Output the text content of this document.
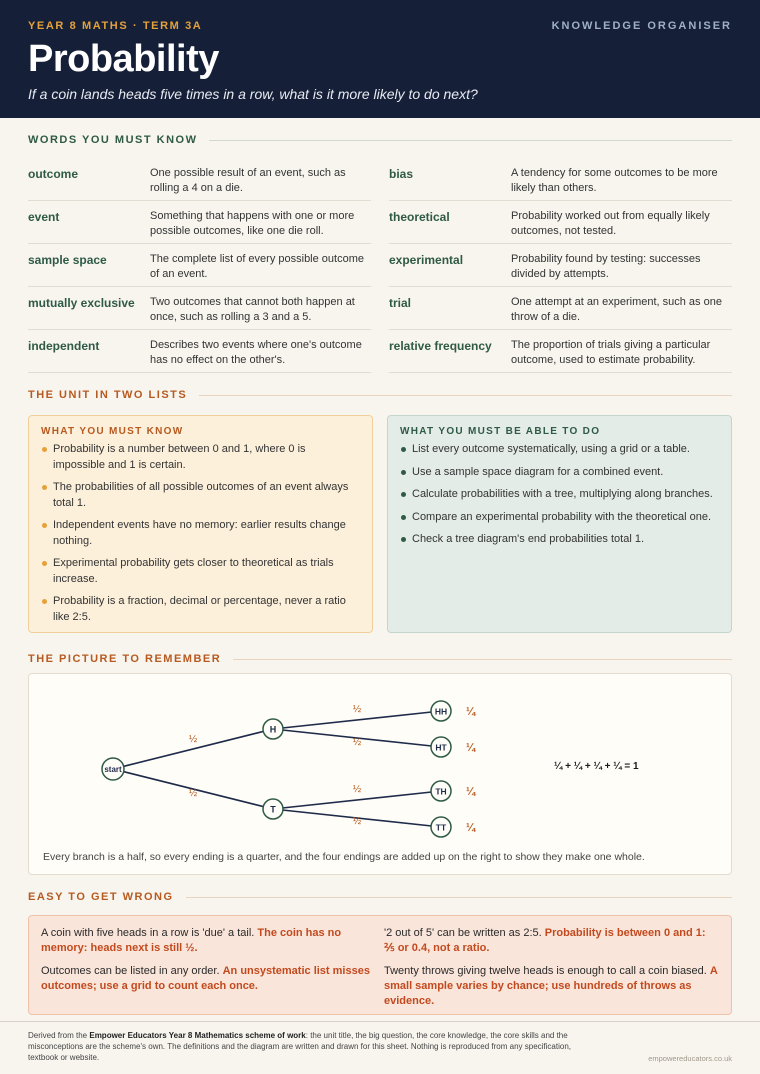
YEAR 8 MATHS · TERM 3A	KNOWLEDGE ORGANISER
Probability
If a coin lands heads five times in a row, what is it more likely to do next?
WORDS YOU MUST KNOW
outcome	One possible result of an event, such as rolling a 4 on a die.
event	Something that happens with one or more possible outcomes, like one die roll.
sample space	The complete list of every possible outcome of an event.
mutually exclusive	Two outcomes that cannot both happen at once, such as rolling a 3 and a 5.
independent	Describes two events where one's outcome has no effect on the other's.
bias	A tendency for some outcomes to be more likely than others.
theoretical	Probability worked out from equally likely outcomes, not tested.
experimental	Probability found by testing: successes divided by attempts.
trial	One attempt at an experiment, such as one throw of a die.
relative frequency	The proportion of trials giving a particular outcome, used to estimate probability.
THE UNIT IN TWO LISTS
WHAT YOU MUST KNOW
Probability is a number between 0 and 1, where 0 is impossible and 1 is certain.
The probabilities of all possible outcomes of an event always total 1.
Independent events have no memory: earlier results change nothing.
Experimental probability gets closer to theoretical as trials increase.
Probability is a fraction, decimal or percentage, never a ratio like 2:5.
WHAT YOU MUST BE ABLE TO DO
List every outcome systematically, using a grid or a table.
Use a sample space diagram for a combined event.
Calculate probabilities with a tree, multiplying along branches.
Compare an experimental probability with the theoretical one.
Check a tree diagram's end probabilities total 1.
THE PICTURE TO REMEMBER
start
H
T
HH
HT
TH
TT
½
½
½
½
½
½
¼
¼
¼
¼
¼ + ¼ + ¼ + ¼ = 1
Every branch is a half, so every ending is a quarter, and the four endings are added up on the right to show they make one whole.
EASY TO GET WRONG
A coin with five heads in a row is 'due' a tail. The coin has no memory: heads next is still ½.
Outcomes can be listed in any order. An unsystematic list misses outcomes; use a grid to count each once.
'2 out of 5' can be written as 2:5. Probability is between 0 and 1: ⅖ or 0.4, not a ratio.
Twenty throws giving twelve heads is enough to call a coin biased. A small sample varies by chance; use hundreds of throws as evidence.
Derived from the Empower Educators Year 8 Mathematics scheme of work: the unit title, the big question, the core knowledge, the core skills and the misconceptions are the scheme's own. The definitions and the diagram are written and drawn for this sheet. Nothing is reproduced from any specification, textbook or website.	empowereducators.co.uk
